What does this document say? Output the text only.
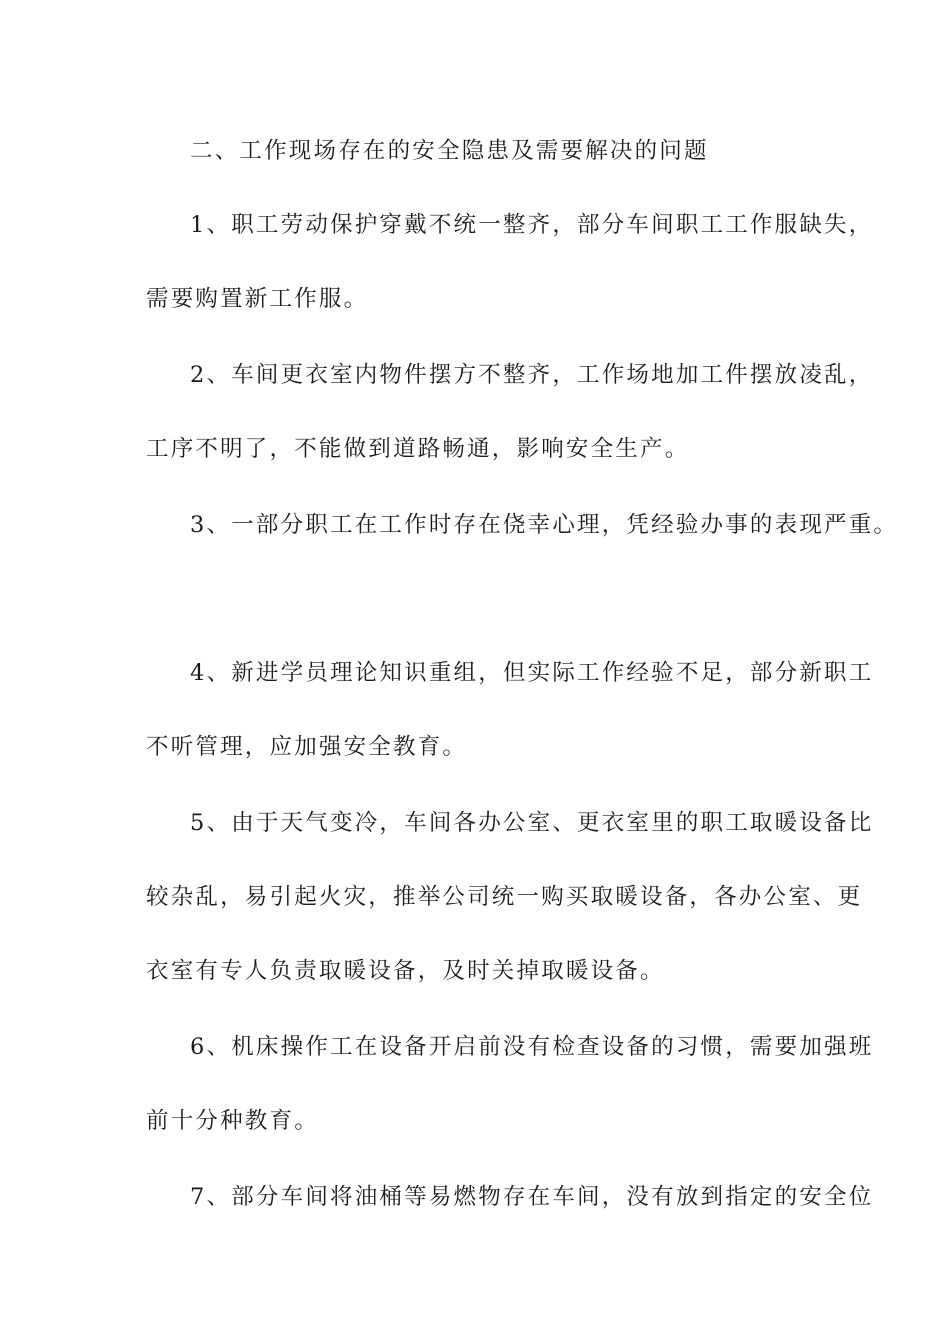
二、工作现场存在的安全隐患及需要解决的问题
1、职工劳动保护穿戴不统一整齐，部分车间职工工作服缺失，
需要购置新工作服。
2、车间更衣室内物件摆方不整齐，工作场地加工件摆放凌乱，
工序不明了，不能做到道路畅通，影响安全生产。
3、一部分职工在工作时存在侥幸心理，凭经验办事的表现严重。
4、新进学员理论知识重组，但实际工作经验不足，部分新职工
不听管理，应加强安全教育。
5、由于天气变冷，车间各办公室、更衣室里的职工取暖设备比
较杂乱，易引起火灾，推举公司统一购买取暖设备，各办公室、更
衣室有专人负责取暖设备，及时关掉取暖设备。
6、机床操作工在设备开启前没有检查设备的习惯，需要加强班
前十分种教育。
7、部分车间将油桶等易燃物存在车间，没有放到指定的安全位
